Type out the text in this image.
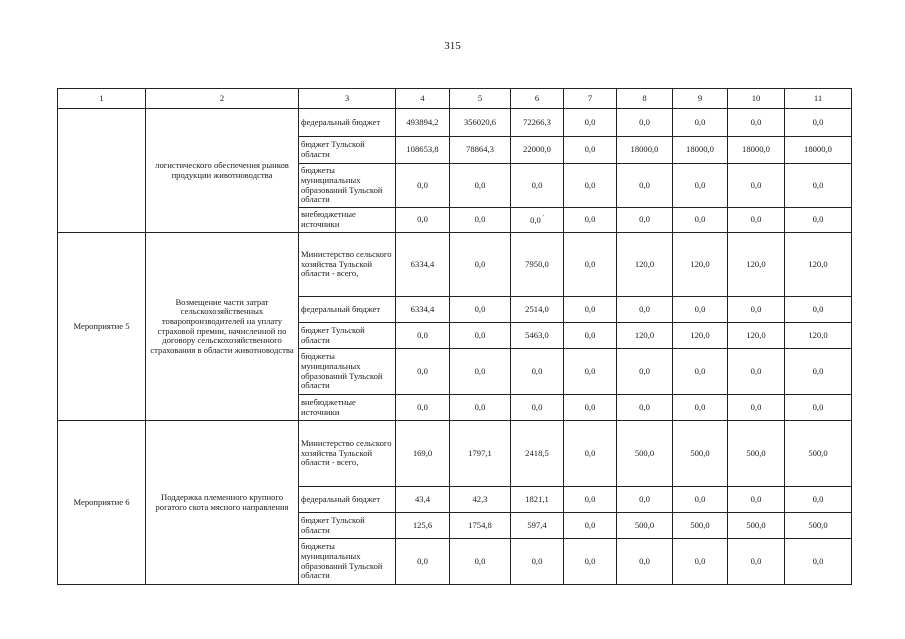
315
1	2	3	4	5	6	7	8	9	10	11
	логистического обеспечения рынков продукции животноводства	федеральный бюджет	493894,2	356020,6	72266,3	0,0	0,0	0,0	0,0	0,0
		бюджет Тульской области	108653,8	78864,3	22000,0	0,0	18000,0	18000,0	18000,0	18000,0
		бюджеты муниципальных образований Тульской области	0,0	0,0	0,0	0,0	0,0	0,0	0,0	0,0
		внебюджетные источники	0,0	0,0	0,0 '	0,0	0,0	0,0	0,0	0,0
Мероприятие 5	Возмещение части затрат сельскохозяйственных товаропроизводителей на уплату страховой премии, начисленной по договору сельскохозяйственного страхования в области животноводства	Министерство сельского хозяйства Тульской области - всего,	6334,4	0,0	7950,0	0,0	120,0	120,0	120,0	120,0
		федеральный бюджет	6334,4	0,0	2514,0	0,0	0,0	0,0	0,0	0,0
		бюджет Тульской области	0,0	0,0	5463,0	0,0	120,0	120,0	120,0	120,0
		бюджеты муниципальных образований Тульской области	0,0	0,0	0,0	0,0	0,0	0,0	0,0	0,0
		внебюджетные источники	0,0	0,0	0,0	0,0	0,0	0,0	0,0	0,0
Мероприятие 6	Поддержка племенного крупного рогатого скота мясного направления	Министерство сельского хозяйства Тульской области - всего,	169,0	1797,1	2418,5	0,0	500,0	500,0	500,0	500,0
		федеральный бюджет	43,4	42,3	1821,1	0,0	0,0	0,0	0,0	0,0
		бюджет Тульской области	125,6	1754,8	597,4	0,0	500,0	500,0	500,0	500,0
		бюджеты муниципальных образований Тульской области	0,0	0,0	0,0	0,0	0,0	0,0	0,0	0,0
